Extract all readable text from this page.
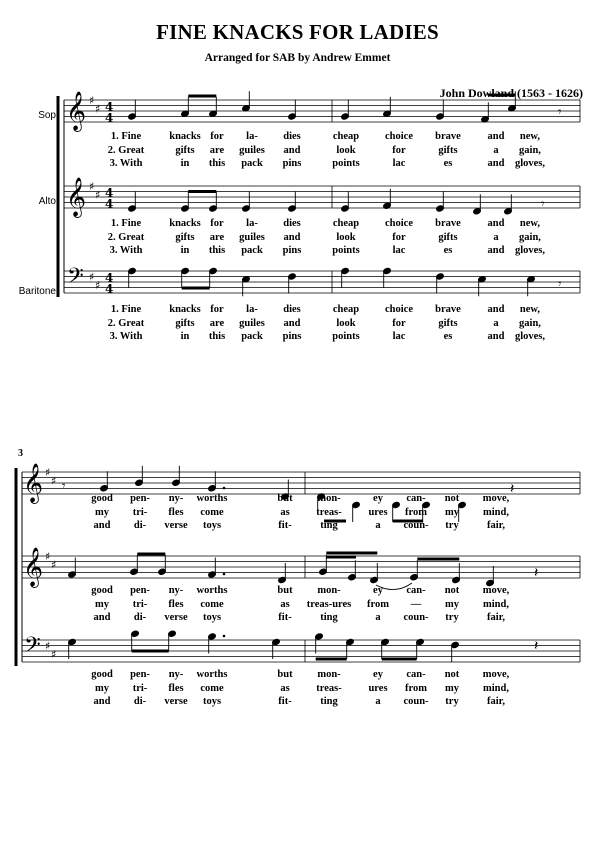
FINE KNACKS FOR LADIES
Arranged for SAB by Andrew Emmet
John Dowland (1563 - 1626)
Sop
Alto
Baritone
3
𝄞 ♯
♯ 4
4
𝄞 ♯
♯ 4
4
𝄢 ♯
♯
4
4
𝄞 ♯
♯
𝄞 ♯
♯
𝄢 ♯
♯
𝄾
𝄾
𝄾
𝄾	𝄽
𝄽
𝄽
1. Fine	knacks for la- dies	cheap choice brave	and new,
2. Great	gifts are guiles and	look	for	gifts	a gain,
3. With	in this pack pins	points	lac	es	and gloves,
1. Fine	knacks for la- dies	cheap choice brave	and new,
2. Great	gifts are guiles and	look	for	gifts	a gain,
3. With	in this pack pins	points	lac	es	and gloves,
1. Fine	knacks for la- dies	cheap choice brave	and new,
2. Great	gifts are guiles and	look	for	gifts	a gain,
3. With	in this pack pins	points	lac	es	and gloves,
good pen- ny- worths	but mon-	ey can- not move,
my tri- fles come	as	treas-	ures from my mind,
and di- verse toys	fit-	ting	a coun- try	fair,
good pen- ny- worths	but mon-	ey can- not move,
my tri- fles come	as treas-ures from — my mind,
and di- verse toys	fit-	ting	a coun- try	fair,
good pen- ny- worths	but mon-	ey can- not move,
my tri- fles come	as	treas-	ures from my mind,
and di- verse toys	fit-	ting	a coun- try	fair,
